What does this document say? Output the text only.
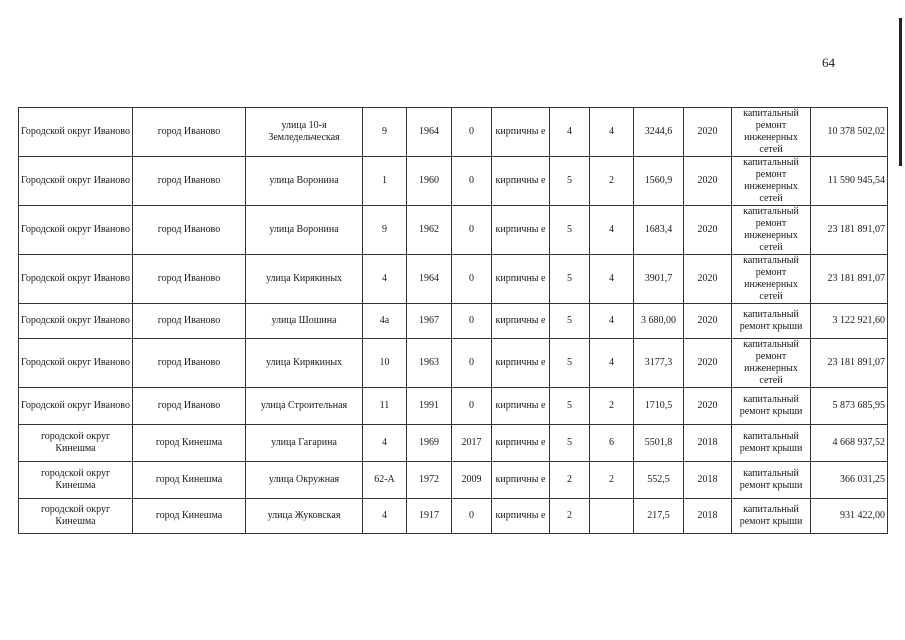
64
Городской округ Иваново	город Иваново	улица 10-я Земледельческая	9	1964	0	кирпичны е	4	4	3244,6	2020	капитальный ремонт инженерных сетей	10 378 502,02
Городской округ Иваново	город Иваново	улица Воронина	1	1960	0	кирпичны е	5	2	1560,9	2020	капитальный ремонт инженерных сетей	11 590 945,54
Городской округ Иваново	город Иваново	улица Воронина	9	1962	0	кирпичны е	5	4	1683,4	2020	капитальный ремонт инженерных сетей	23 181 891,07
Городской округ Иваново	город Иваново	улица Кирякиных	4	1964	0	кирпичны е	5	4	3901,7	2020	капитальный ремонт инженерных сетей	23 181 891,07
Городской округ Иваново	город Иваново	улица Шошина	4а	1967	0	кирпичны е	5	4	3 680,00	2020	капитальный ремонт крыши	3 122 921,60
Городской округ Иваново	город Иваново	улица Кирякиных	10	1963	0	кирпичны е	5	4	3177,3	2020	капитальный ремонт инженерных сетей	23 181 891,07
Городской округ Иваново	город Иваново	улица Строительная	11	1991	0	кирпичны е	5	2	1710,5	2020	капитальный ремонт крыши	5 873 685,95
городской округ Кинешма	город Кинешма	улица Гагарина	4	1969	2017	кирпичны е	5	6	5501,8	2018	капитальный ремонт крыши	4 668 937,52
городской округ Кинешма	город Кинешма	улица Окружная	62-А	1972	2009	кирпичны е	2	2	552,5	2018	капитальный ремонт крыши	366 031,25
городской округ Кинешма	город Кинешма	улица Жуковская	4	1917	0	кирпичны е	2		217,5	2018	капитальный ремонт крыши	931 422,00
